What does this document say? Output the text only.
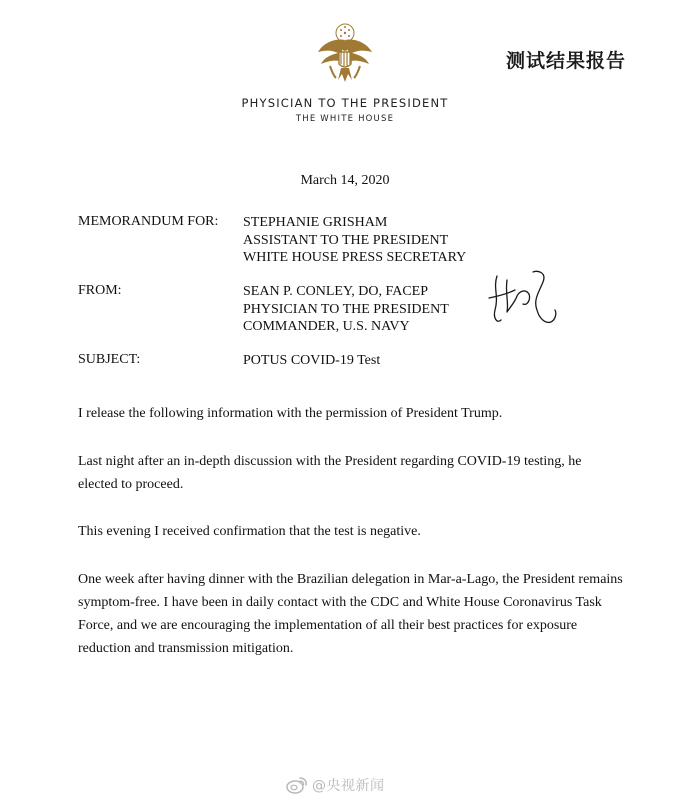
测试结果报告
PHYSICIAN TO THE PRESIDENT
THE WHITE HOUSE
March 14, 2020
MEMORANDUM FOR: STEPHANIE GRISHAM
ASSISTANT TO THE PRESIDENT
WHITE HOUSE PRESS SECRETARY
FROM:	SEAN P. CONLEY, DO, FACEP
PHYSICIAN TO THE PRESIDENT
COMMANDER, U.S. NAVY
SUBJECT:	POTUS COVID-19 Test
I release the following information with the permission of President Trump.
Last night after an in-depth discussion with the President regarding COVID-19 testing, he
elected to proceed.
This evening I received confirmation that the test is negative.
One week after having dinner with the Brazilian delegation in Mar-a-Lago, the President remains
symptom-free. I have been in daily contact with the CDC and White House Coronavirus Task
Force, and we are encouraging the implementation of all their best practices for exposure
reduction and transmission mitigation.
@央视新闻
